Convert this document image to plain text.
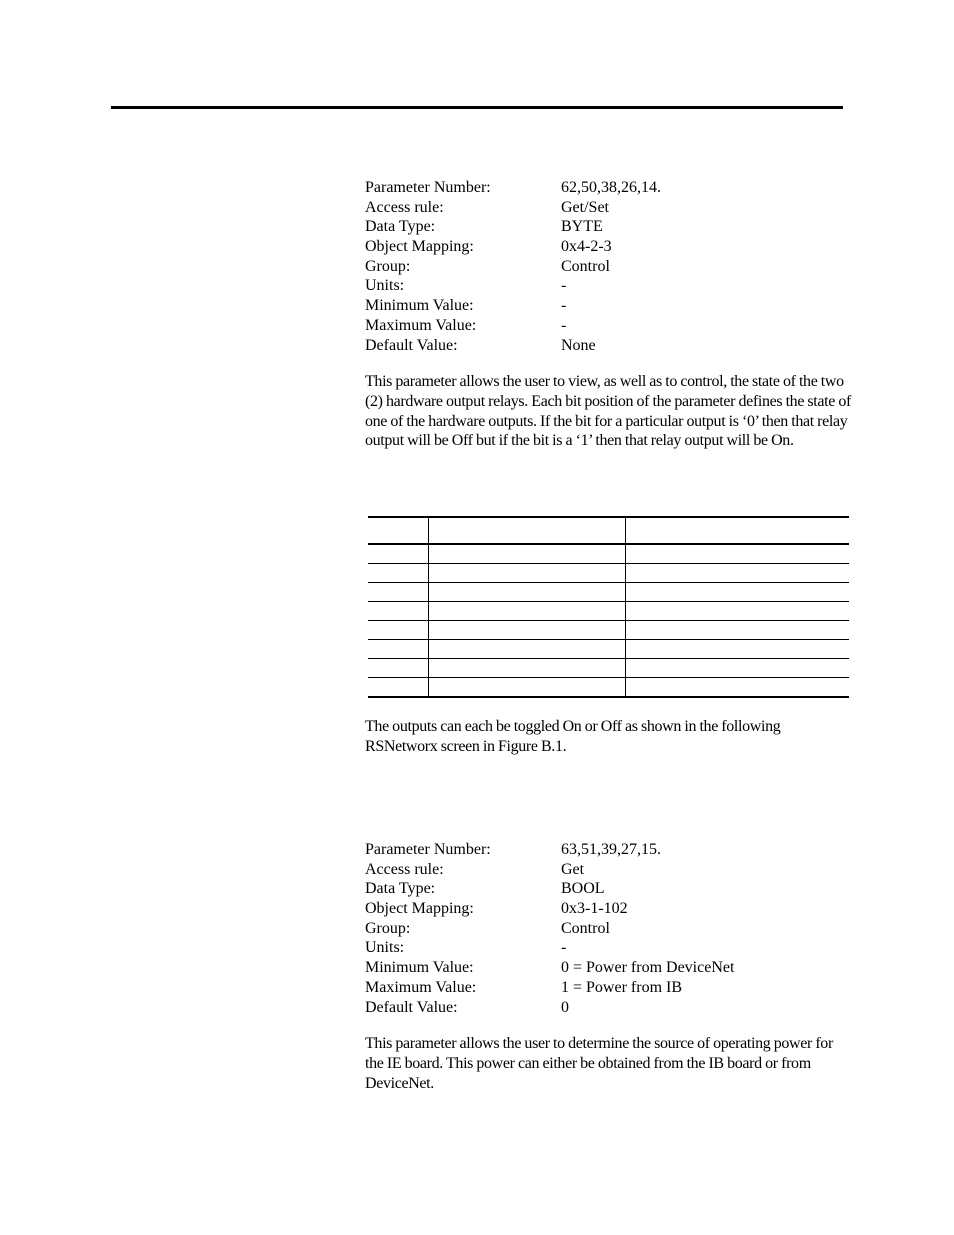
Parameter Number:	62,50,38,26,14.
Access rule:	Get/Set
Data Type:	BYTE
Object Mapping:	0x4-2-3
Group:	Control
Units:	-
Minimum Value:	-
Maximum Value:	-
Default Value:	None

This parameter allows the user to view, as well as to control, the state of the two (2) hardware output relays. Each bit position of the parameter defines the state of one of the hardware outputs. If the bit for a particular output is ‘0’ then that relay output will be Off but if the bit is a ‘1’ then that relay output will be On.

The outputs can each be toggled On or Off as shown in the following RSNetworx screen in Figure B.1.

Parameter Number:	63,51,39,27,15.
Access rule:	Get
Data Type:	BOOL
Object Mapping:	0x3-1-102
Group:	Control
Units:	-
Minimum Value:	0 = Power from DeviceNet
Maximum Value:	1 = Power from IB
Default Value:	0

This parameter allows the user to determine the source of operating power for the IE board. This power can either be obtained from the IB board or from DeviceNet.
